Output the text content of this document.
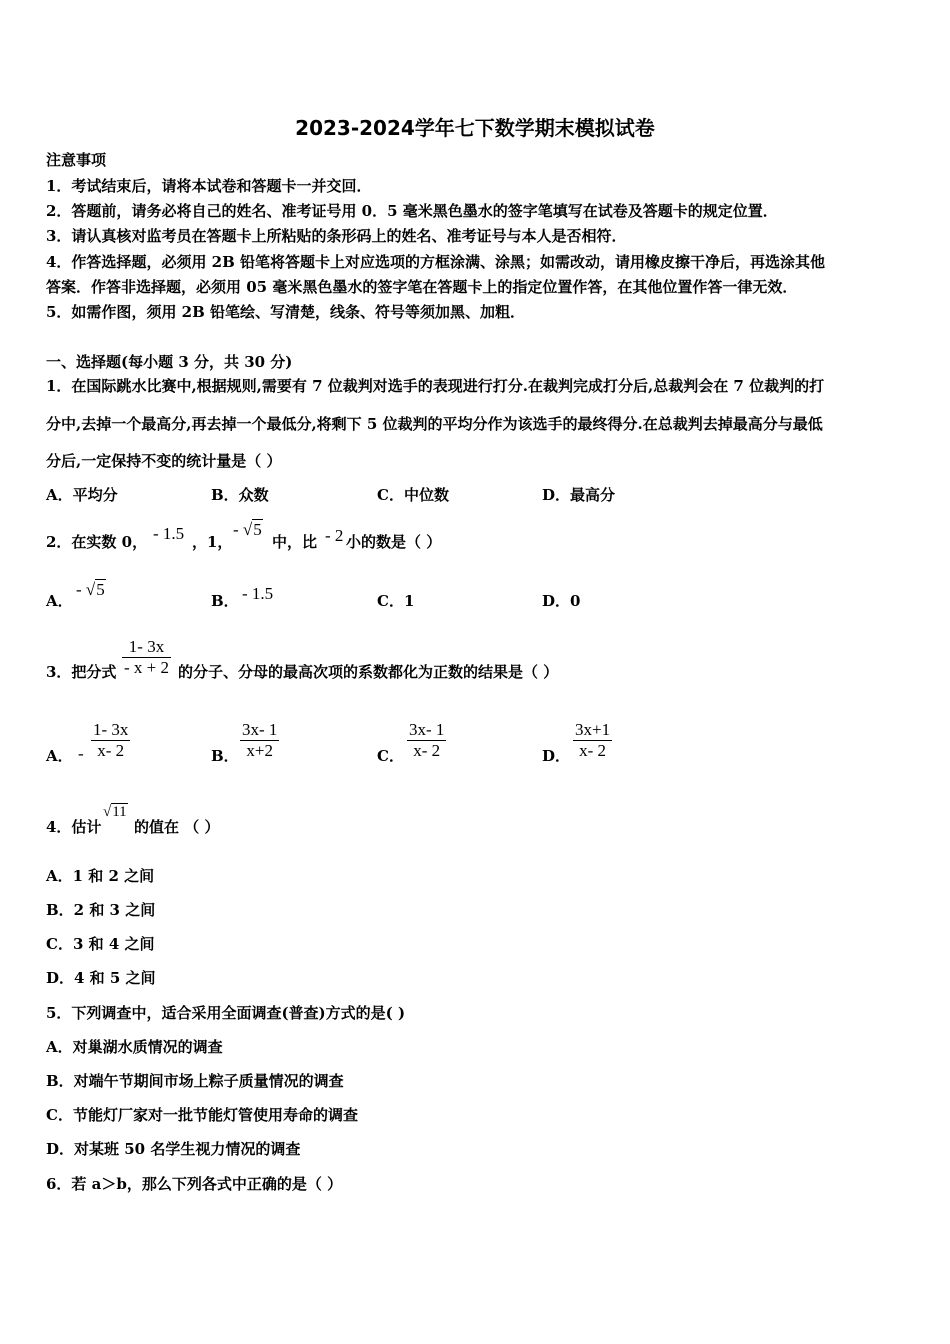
2023-2024学年七下数学期末模拟试卷
注意事项
1．考试结束后，请将本试卷和答题卡一并交回．
2．答题前，请务必将自己的姓名、准考证号用 0．5 毫米黑色墨水的签字笔填写在试卷及答题卡的规定位置．
3．请认真核对监考员在答题卡上所粘贴的条形码上的姓名、准考证号与本人是否相符．
4．作答选择题，必须用 2B 铅笔将答题卡上对应选项的方框涂满、涂黑；如需改动，请用橡皮擦干净后，再选涂其他
答案．作答非选择题，必须用 05 毫米黑色墨水的签字笔在答题卡上的指定位置作答，在其他位置作答一律无效．
5．如需作图，须用 2B 铅笔绘、写清楚，线条、符号等须加黑、加粗．
一、选择题(每小题 3 分，共 30 分)
1．在国际跳水比赛中,根据规则,需要有 7 位裁判对选手的表现进行打分.在裁判完成打分后,总裁判会在 7 位裁判的打
分中,去掉一个最高分,再去掉一个最低分,将剩下 5 位裁判的平均分作为该选手的最终得分.在总裁判去掉最高分与最低
分后,一定保持不变的统计量是（ ）
A．平均分	B．众数	C．中位数	D．最高分
2．在实数 0， - 1.5 ，1，
- √5
中，比 - 2 小的数是（ ）
A．
- √5
B． - 1.5	C．1	D．0
3．把分式
1- 3x
- x + 2 的分子、分母的最高次项的系数都化为正数的结果是（ ）
A． -
1- 3x
x- 2	B．
3x- 1
x+2	C．
3x- 1
x- 2	D．
3x+1
x- 2
4．估计
√11
的值在 （ ）
A．1 和 2 之间
B．2 和 3 之间
C．3 和 4 之间
D．4 和 5 之间
5．下列调查中，适合采用全面调查(普查)方式的是( )
A．对巢湖水质情况的调查
B．对端午节期间市场上粽子质量情况的调查
C．节能灯厂家对一批节能灯管使用寿命的调查
D．对某班 50 名学生视力情况的调查
6．若 a＞b，那么下列各式中正确的是（ ）
